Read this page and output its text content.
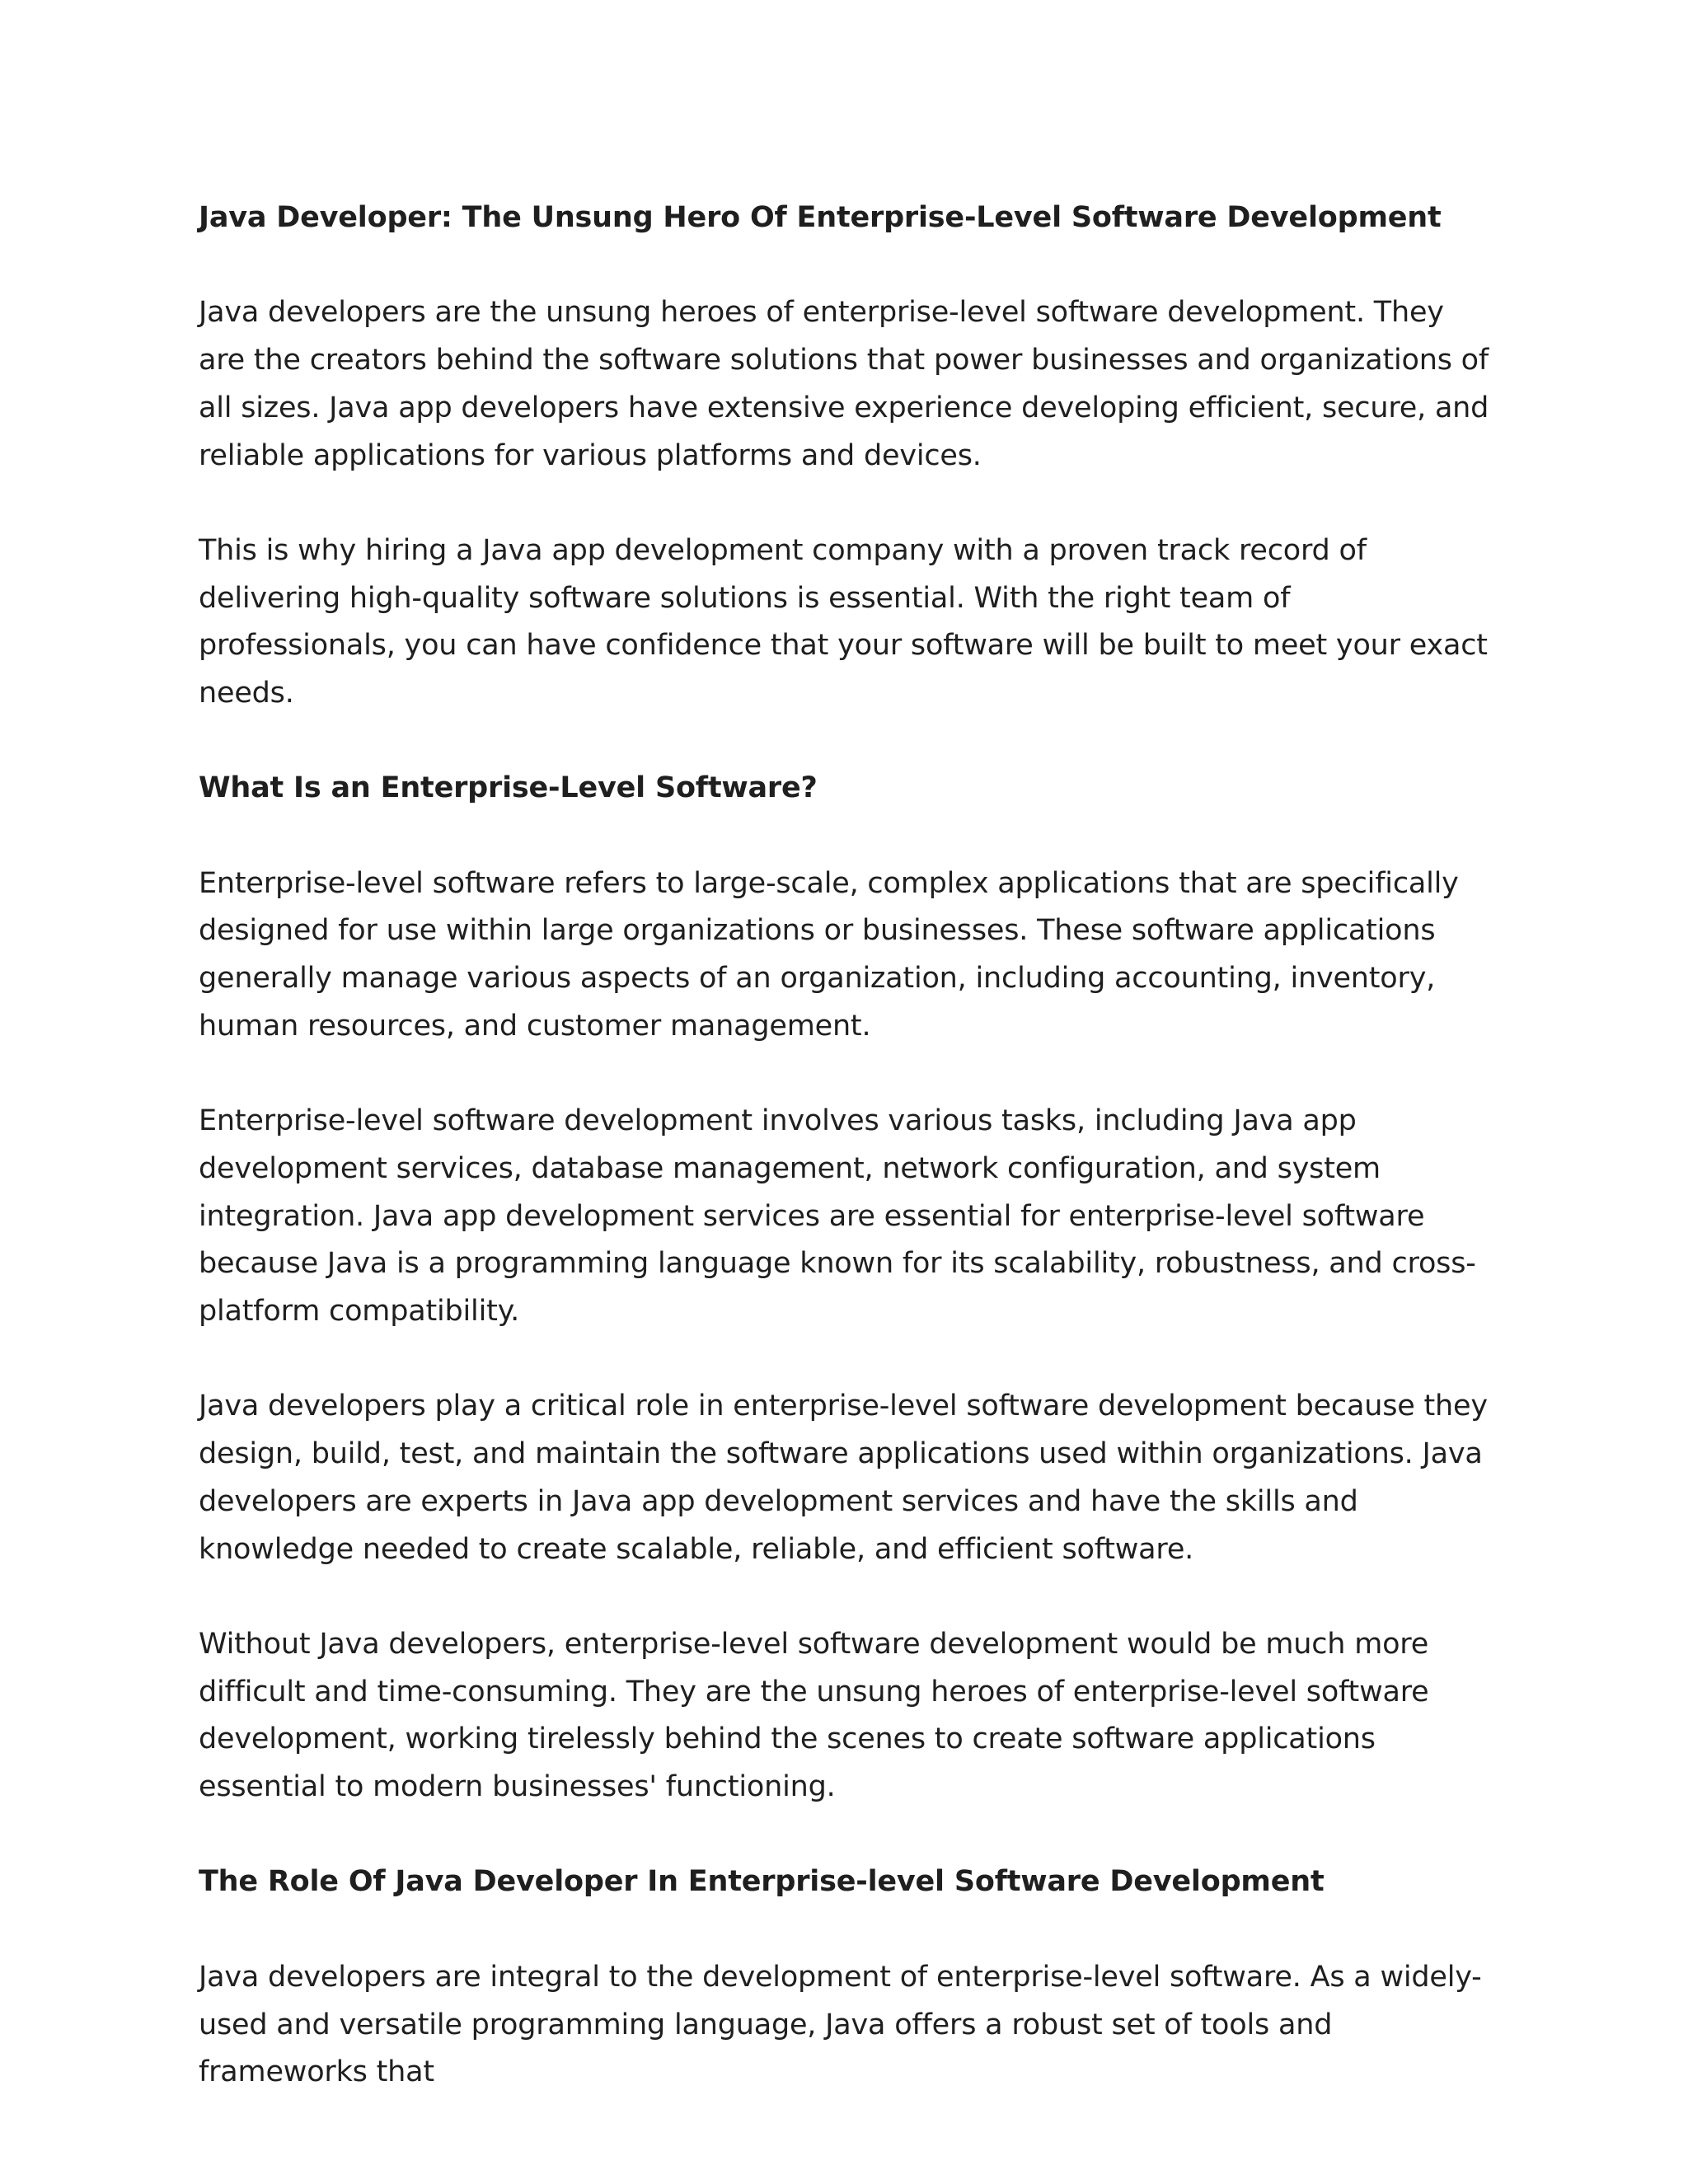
Java Developer: The Unsung Hero Of Enterprise-Level Software Development

Java developers are the unsung heroes of enterprise-level software development. They are the creators behind the software solutions that power businesses and organizations of all sizes. Java app developers have extensive experience developing efficient, secure, and reliable applications for various platforms and devices.

This is why hiring a Java app development company with a proven track record of delivering high-quality software solutions is essential. With the right team of professionals, you can have confidence that your software will be built to meet your exact needs.

What Is an Enterprise-Level Software?

Enterprise-level software refers to large-scale, complex applications that are specifically designed for use within large organizations or businesses. These software applications generally manage various aspects of an organization, including accounting, inventory, human resources, and customer management.

Enterprise-level software development involves various tasks, including Java app development services, database management, network configuration, and system integration. Java app development services are essential for enterprise-level software because Java is a programming language known for its scalability, robustness, and cross-platform compatibility.

Java developers play a critical role in enterprise-level software development because they design, build, test, and maintain the software applications used within organizations. Java developers are experts in Java app development services and have the skills and knowledge needed to create scalable, reliable, and efficient software.

Without Java developers, enterprise-level software development would be much more difficult and time-consuming. They are the unsung heroes of enterprise-level software development, working tirelessly behind the scenes to create software applications essential to modern businesses' functioning.

The Role Of Java Developer In Enterprise-level Software Development

Java developers are integral to the development of enterprise-level software. As a widely-used and versatile programming language, Java offers a robust set of tools and frameworks that
